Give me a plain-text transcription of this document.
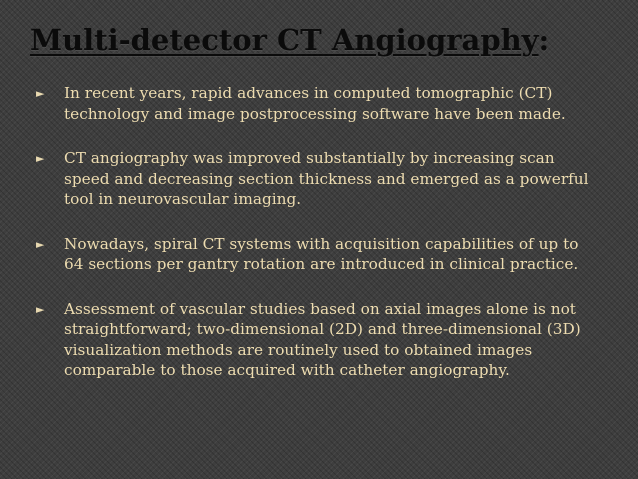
Multi-detector CT Angiography:
►	In recent years, rapid advances in computed tomographic (CT) technology and image postprocessing software have been made.

►	CT angiography was improved substantially by increasing scan speed and decreasing section thickness and emerged as a powerful tool in neurovascular imaging.

►	Nowadays, spiral CT systems with acquisition capabilities of up to 64 sections per gantry rotation are introduced in clinical practice.

►	Assessment of vascular studies based on axial images alone is not straightforward; two-dimensional (2D) and three-dimensional (3D) visualization methods are routinely used to obtained images comparable to those acquired with catheter angiography.
